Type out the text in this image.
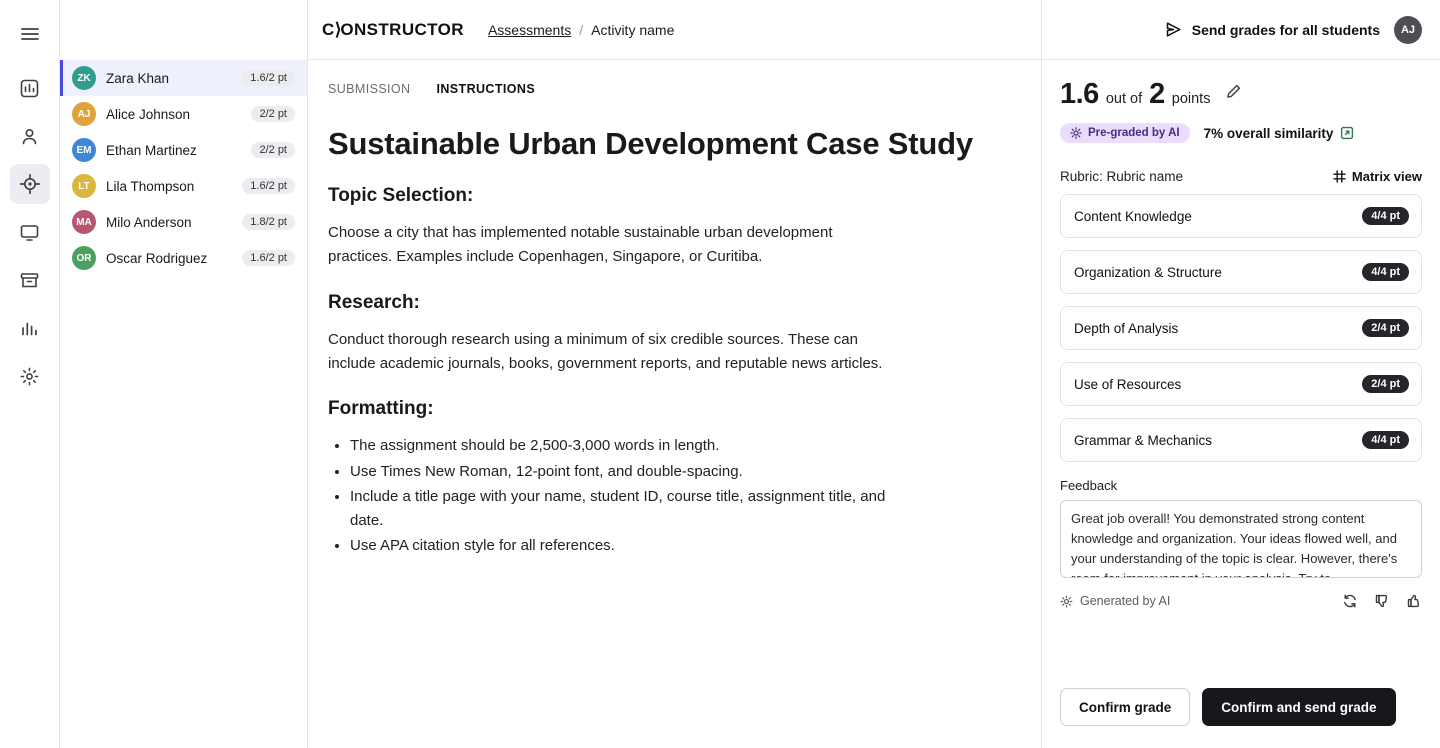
ZK	Zara Khan	1.6/2 pt
AJ	Alice Johnson	2/2 pt
EM	Ethan Martinez	2/2 pt
LT	Lila Thompson	1.6/2 pt
MA	Milo Anderson	1.8/2 pt
OR	Oscar Rodriguez	1.6/2 pt
C⟩ONSTRUCTOR	Assessments / Activity name
SUBMISSION INSTRUCTIONS
Sustainable Urban Development Case Study
Topic Selection:

Choose a city that has implemented notable sustainable urban development practices. Examples include Copenhagen, Singapore, or Curitiba.

Research:

Conduct thorough research using a minimum of six credible sources. These can include academic journals, books, government reports, and reputable news articles.

Formatting:
• The assignment should be 2,500-3,000 words in length.
• Use Times New Roman, 12-point font, and double-spacing.
• Include a title page with your name, student ID, course title, assignment title, and date.
• Use APA citation style for all references.
Send grades for all students	AJ
1.6 out of 2 points
Pre-graded by AI 7% overall similarity
Rubric: Rubric name	Matrix view
Content Knowledge	4/4 pt
Organization & Structure	4/4 pt
Depth of Analysis	2/4 pt
Use of Resources	2/4 pt
Grammar & Mechanics	4/4 pt
Feedback
Great job overall! You demonstrated strong content knowledge and organization. Your ideas flowed well, and your understanding of the topic is clear. However, there's room for improvement in your analysis. Try to
Generated by AI
Confirm grade	Confirm and send grade
